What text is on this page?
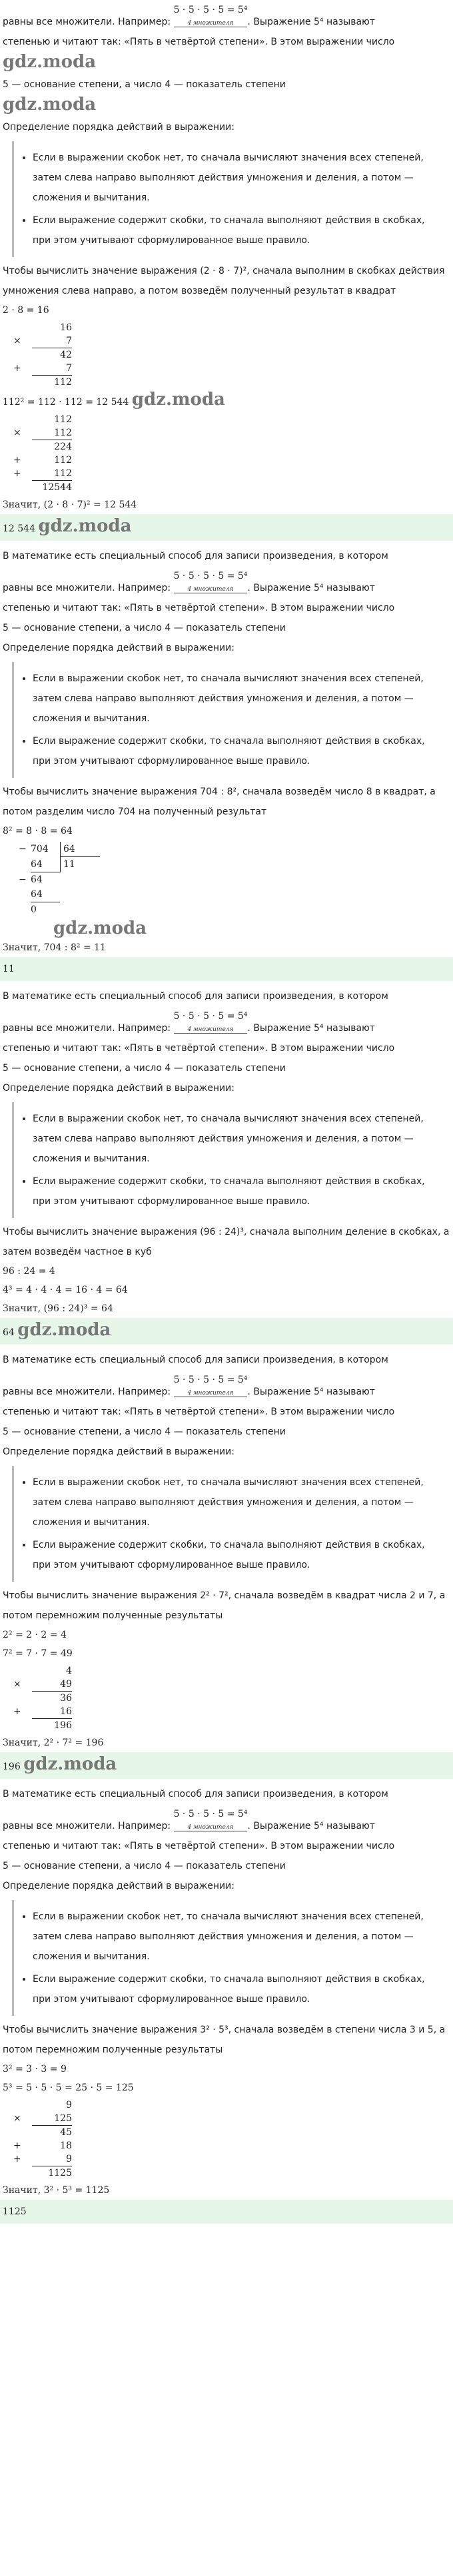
равны все множители. Например: 5 · 5 · 5 · 5 = 5⁴
4 множителя	. Выражение 5⁴ называют
степенью и читают так: «Пять в четвёртой степени». В этом выражении число gdz.moda
5 — основание степени, а число 4 — показатель степени
gdz.moda
Определение порядка действий в выражении:
• Если в выражении скобок нет, то сначала вычисляют значения всех степеней, затем слева направо выполняют действия умножения и деления, а потом — сложения и вычитания.
• Если выражение содержит скобки, то сначала выполняют действия в скобках, при этом учитывают сформулированное выше правило.
Чтобы вычислить значение выражения (2 · 8 · 7)², сначала выполним в скобках действия умножения слева направо, а потом возведём полученный результат в квадрат
2 · 8 = 16
16
×	7
42
+	7
112
112² = 112 · 112 = 12 544 gdz.moda
112
×	112
224
+	112
+	112
12544
Значит, (2 · 8 · 7)² = 12 544
12 544 gdz.moda
В математике есть специальный способ для записи произведения, в котором
равны все множители. Например: 5 · 5 · 5 · 5 = 5⁴
4 множителя	. Выражение 5⁴ называют
степенью и читают так: «Пять в четвёртой степени». В этом выражении число
5 — основание степени, а число 4 — показатель степени
Определение порядка действий в выражении:
• Если в выражении скобок нет, то сначала вычисляют значения всех степеней, затем слева направо выполняют действия умножения и деления, а потом — сложения и вычитания.
• Если выражение содержит скобки, то сначала выполняют действия в скобках, при этом учитывают сформулированное выше правило.
Чтобы вычислить значение выражения 704 : 8², сначала возведём число 8 в квадрат, а потом разделим число 704 на полученный результат
8² = 8 · 8 = 64
− 704	64
64	11
− 64
64
0
gdz.moda
Значит, 704 : 8² = 11
11
В математике есть специальный способ для записи произведения, в котором
равны все множители. Например: 5 · 5 · 5 · 5 = 5⁴
4 множителя	. Выражение 5⁴ называют
степенью и читают так: «Пять в четвёртой степени». В этом выражении число
5 — основание степени, а число 4 — показатель степени
Определение порядка действий в выражении:
• Если в выражении скобок нет, то сначала вычисляют значения всех степеней, затем слева направо выполняют действия умножения и деления, а потом — сложения и вычитания.
• Если выражение содержит скобки, то сначала выполняют действия в скобках, при этом учитывают сформулированное выше правило.
Чтобы вычислить значение выражения (96 : 24)³, сначала выполним деление в скобках, а затем возведём частное в куб
96 : 24 = 4
4³ = 4 · 4 · 4 = 16 · 4 = 64
Значит, (96 : 24)³ = 64
64 gdz.moda
В математике есть специальный способ для записи произведения, в котором
равны все множители. Например: 5 · 5 · 5 · 5 = 5⁴
4 множителя	. Выражение 5⁴ называют
степенью и читают так: «Пять в четвёртой степени». В этом выражении число
5 — основание степени, а число 4 — показатель степени
Определение порядка действий в выражении:
• Если в выражении скобок нет, то сначала вычисляют значения всех степеней, затем слева направо выполняют действия умножения и деления, а потом — сложения и вычитания.
• Если выражение содержит скобки, то сначала выполняют действия в скобках, при этом учитывают сформулированное выше правило.
Чтобы вычислить значение выражения 2² · 7², сначала возведём в квадрат числа 2 и 7, а потом перемножим полученные результаты
2² = 2 · 2 = 4
7² = 7 · 7 = 49
4
×	49
36
+	16
196
Значит, 2² · 7² = 196
196 gdz.moda
В математике есть специальный способ для записи произведения, в котором
равны все множители. Например: 5 · 5 · 5 · 5 = 5⁴
4 множителя	. Выражение 5⁴ называют
степенью и читают так: «Пять в четвёртой степени». В этом выражении число
5 — основание степени, а число 4 — показатель степени
Определение порядка действий в выражении:
• Если в выражении скобок нет, то сначала вычисляют значения всех степеней, затем слева направо выполняют действия умножения и деления, а потом — сложения и вычитания.
• Если выражение содержит скобки, то сначала выполняют действия в скобках, при этом учитывают сформулированное выше правило.
Чтобы вычислить значение выражения 3² · 5³, сначала возведём в степени числа 3 и 5, а потом перемножим полученные результаты
3² = 3 · 3 = 9
5³ = 5 · 5 · 5 = 25 · 5 = 125
9
×	125
45
+	18
+	9
1125
Значит, 3² · 5³ = 1125
1125
